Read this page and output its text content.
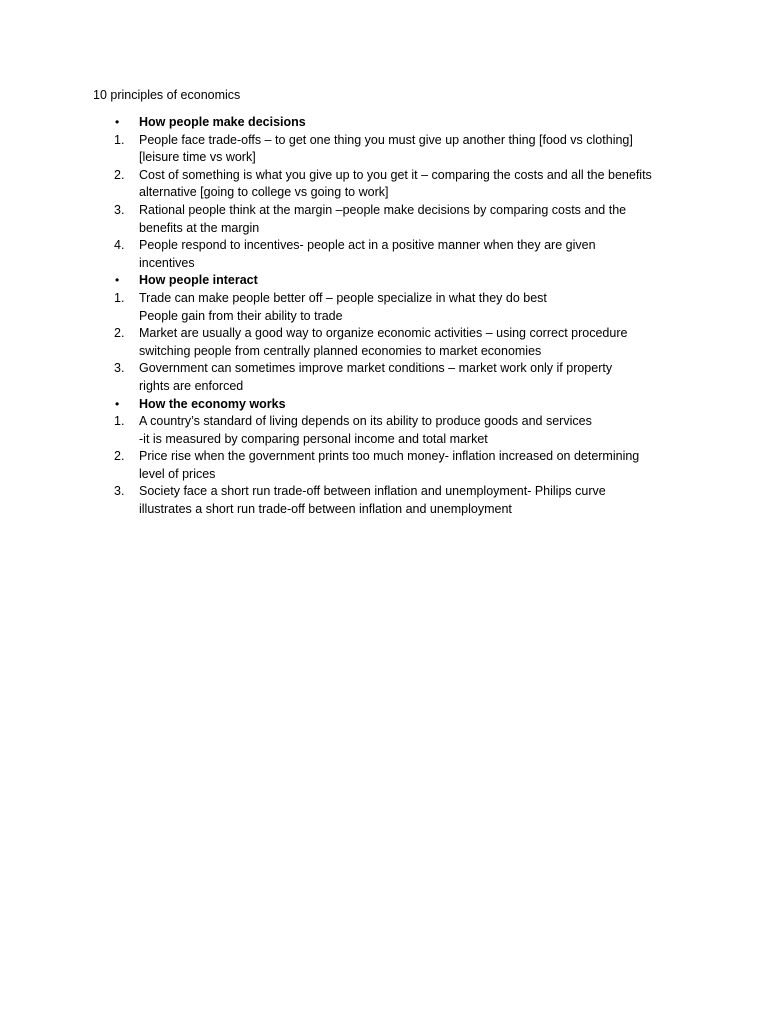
10 principles of economics
•	How people make decisions
1.	People face trade-offs – to get one thing you must give up another thing [food vs clothing]
[leisure time vs work]
2.	Cost of something is what you give up to you get it – comparing the costs and all the benefits
alternative [going to college vs going to work]
3.	Rational people think at the margin –people make decisions by comparing costs and the
benefits at the margin
4.	People respond to incentives- people act in a positive manner when they are given
incentives
•	How people interact
1.	Trade can make people better off – people specialize in what they do best
People gain from their ability to trade
2.	Market are usually a good way to organize economic activities – using correct procedure
switching people from centrally planned economies to market economies
3.	Government can sometimes improve market conditions – market work only if property
rights are enforced
•	How the economy works
1.	A country’s standard of living depends on its ability to produce goods and services
-it is measured by comparing personal income and total market
2.	Price rise when the government prints too much money- inflation increased on determining
level of prices
3.	Society face a short run trade-off between inflation and unemployment- Philips curve
illustrates a short run trade-off between inflation and unemployment
